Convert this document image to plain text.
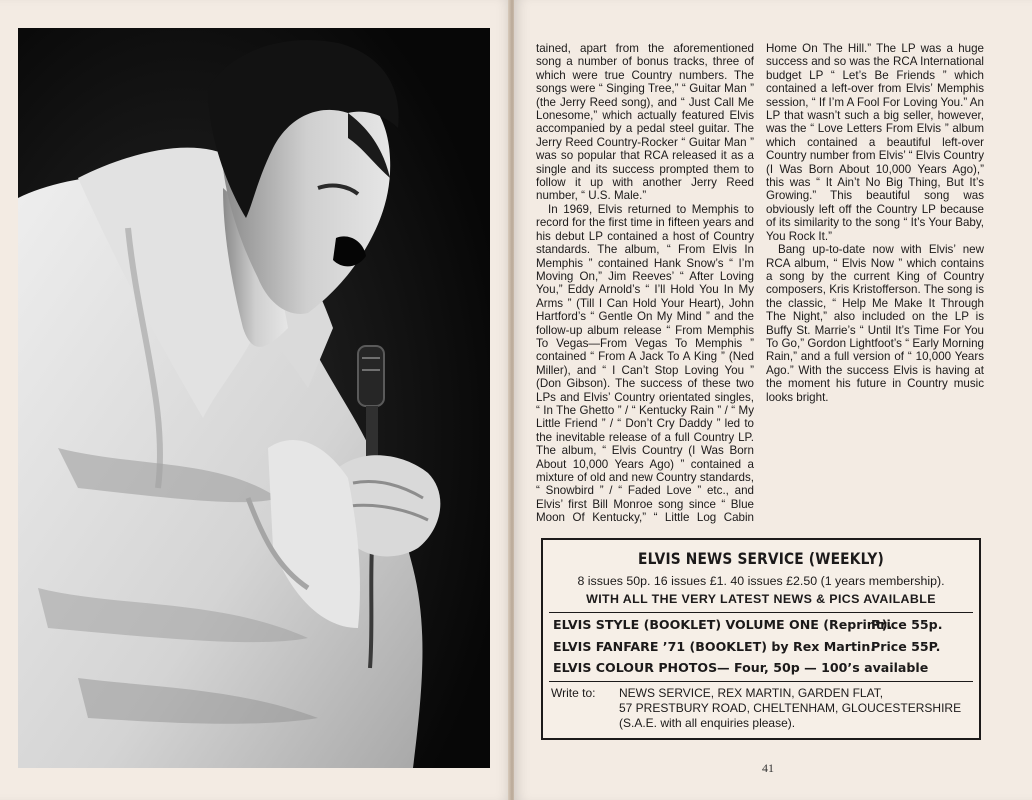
tained, apart from the aforementioned song a number of bonus tracks, three of which were true Country numbers. The songs were “ Singing Tree,” “ Guitar Man ” (the Jerry Reed song), and “ Just Call Me Lonesome,” which actually featured Elvis accompanied by a pedal steel guitar. The Jerry Reed Country-Rocker “ Guitar Man ” was so popular that RCA released it as a single and its success prompted them to follow it up with another Jerry Reed number, “ U.S. Male.”

In 1969, Elvis returned to Memphis to record for the first time in fifteen years and his debut LP contained a host of Country standards. The album, “ From Elvis In Memphis ” contained Hank Snow’s “ I’m Moving On,” Jim Reeves’ “ After Loving You,” Eddy Arnold’s “ I’ll Hold You In My Arms ” (Till I Can Hold Your Heart), John Hartford’s “ Gentle On My Mind ” and the follow-up album release “ From Memphis To Vegas—From Vegas To Memphis ” contained “ From A Jack To A King ” (Ned Miller), and “ I Can’t Stop Loving You ” (Don Gibson). The success of these two LPs and Elvis’ Country orientated singles, “ In The Ghetto ” / “ Kentucky Rain ” / “ My Little Friend ” / “ Don’t Cry Daddy ” led to the inevitable release of a full Country LP. The album, “ Elvis Country (I Was Born About 10,000 Years Ago) ” contained a mixture of old and new Country standards, “ Snowbird ” / “ Faded Love ” etc., and Elvis’ first Bill Monroe song since “ Blue Moon Of Kentucky,” “ Little Log Cabin Home On The Hill.” The LP was a huge success and so was the RCA International budget LP “ Let’s Be Friends ” which contained a left-over from Elvis’ Memphis session, “ If I’m A Fool For Loving You.” An LP that wasn’t such a big seller, however, was the “ Love Letters From Elvis ” album which contained a beautiful left-over Country number from Elvis’ “ Elvis Country (I Was Born About 10,000 Years Ago),” this was “ It Ain’t No Big Thing, But It’s Growing.” This beautiful song was obviously left off the Country LP because of its similarity to the song “ It’s Your Baby, You Rock It.”

Bang up-to-date now with Elvis’ new RCA album, “ Elvis Now ” which contains a song by the current King of Country composers, Kris Kristofferson. The song is the classic, “ Help Me Make It Through The Night,” also included on the LP is Buffy St. Marrie’s “ Until It’s Time For You To Go,” Gordon Lightfoot’s “ Early Morning Rain,” and a full version of “ 10,000 Years Ago.” With the success Elvis is having at the moment his future in Country music looks bright.

ELVIS NEWS SERVICE (WEEKLY)
8 issues 50p. 16 issues £1. 40 issues £2.50 (1 years membership).
WITH ALL THE VERY LATEST NEWS & PICS AVAILABLE
ELVIS STYLE (BOOKLET) VOLUME ONE (Reprint).Price 55p.
ELVIS FANFARE ’71 (BOOKLET) by Rex Martin.Price 55P.
ELVIS COLOUR PHOTOS— Four, 50p — 100’s available
Write to: NEWS SERVICE, REX MARTIN, GARDEN FLAT,
57 PRESTBURY ROAD, CHELTENHAM, GLOUCESTERSHIRE
(S.A.E. with all enquiries please).
41
